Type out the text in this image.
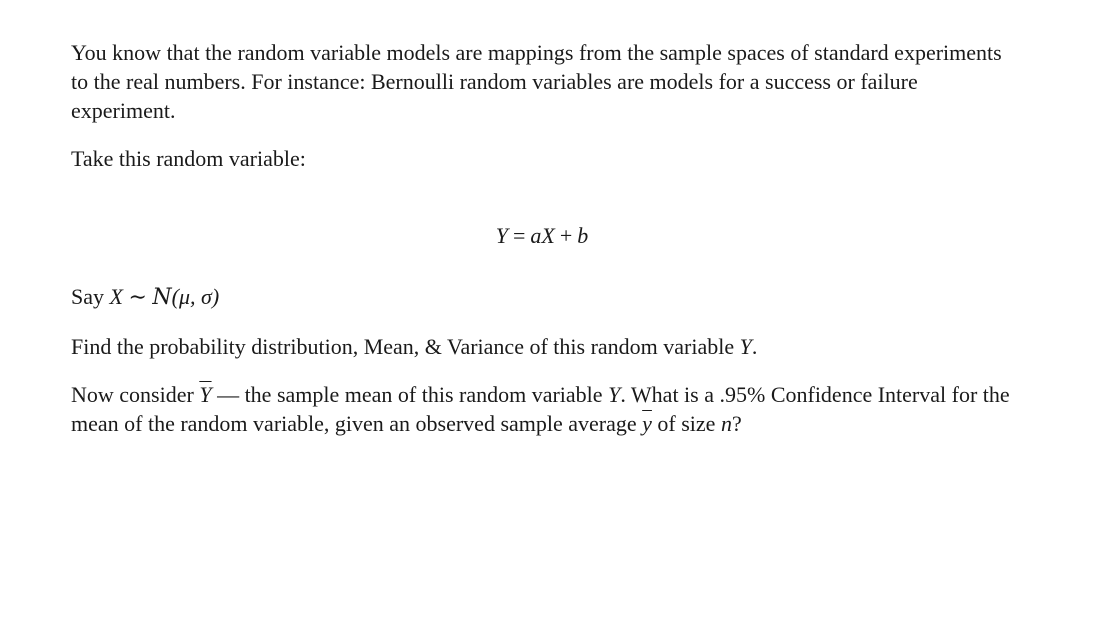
You know that the random variable models are mappings from the sample spaces of standard experiments to the real numbers. For instance: Bernoulli random variables are models for a success or failure experiment.

Take this random variable:

Y = aX + b

Say X ∼ N(μ, σ)

Find the probability distribution, Mean, & Variance of this random variable Y.

Now consider $\overline{Y}$ — the sample mean of this random variable Y. What is a .95% Confidence Interval for the mean of the random variable, given an observed sample average $\overline{y}$ of size n?
